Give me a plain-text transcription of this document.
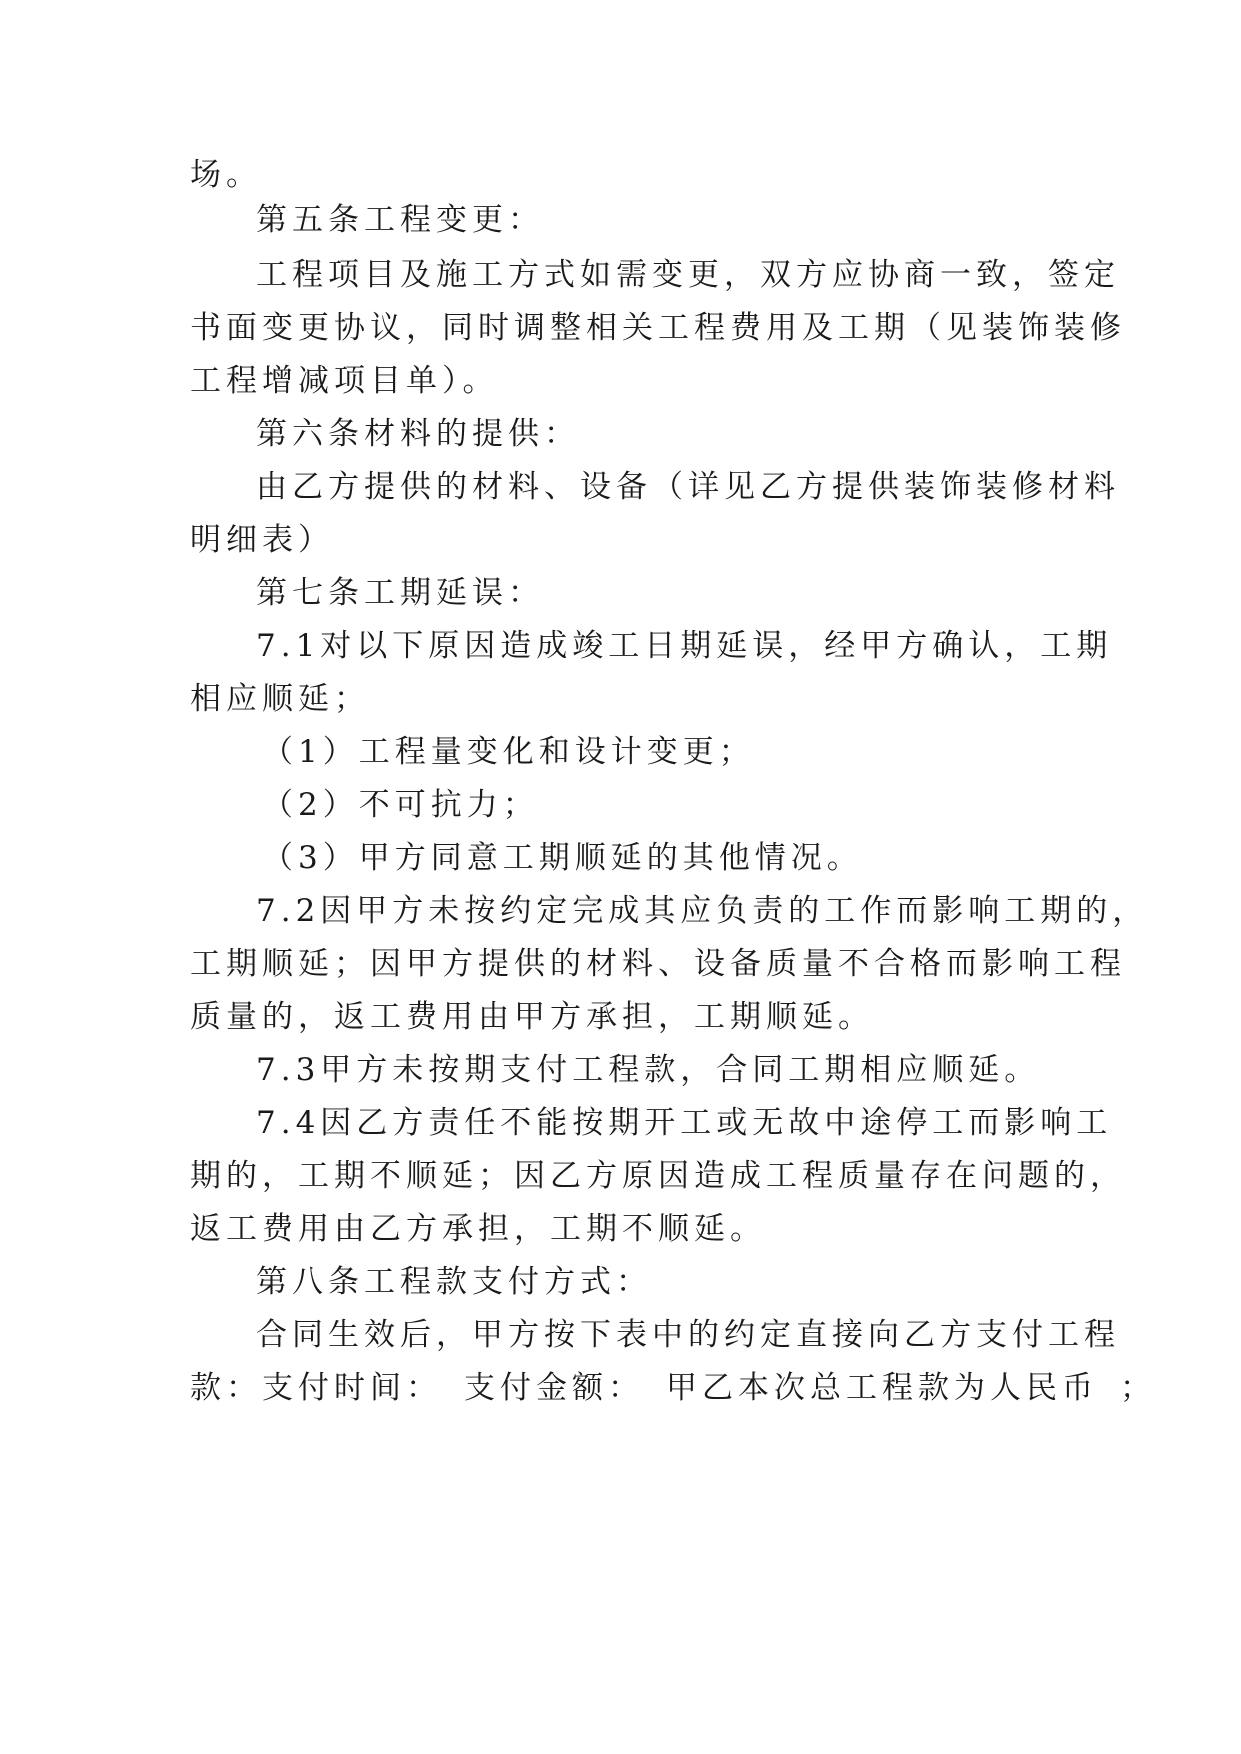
场。
第五条工程变更：
工程项目及施工方式如需变更，双方应协商一致，签定
书面变更协议，同时调整相关工程费用及工期（见装饰装修
工程增减项目单）。
第六条材料的提供：
由乙方提供的材料、设备（详见乙方提供装饰装修材料
明细表）
第七条工期延误：
7.1对以下原因造成竣工日期延误，经甲方确认，工期
相应顺延；
（1）工程量变化和设计变更；
（2）不可抗力；
（3）甲方同意工期顺延的其他情况。
7.2因甲方未按约定完成其应负责的工作而影响工期的，
工期顺延；因甲方提供的材料、设备质量不合格而影响工程
质量的，返工费用由甲方承担，工期顺延。
7.3甲方未按期支付工程款，合同工期相应顺延。
7.4因乙方责任不能按期开工或无故中途停工而影响工
期的，工期不顺延；因乙方原因造成工程质量存在问题的，
返工费用由乙方承担，工期不顺延。
第八条工程款支付方式：
合同生效后，甲方按下表中的约定直接向乙方支付工程
款：支付时间： 支付金额： 甲乙本次总工程款为人民币 ；
